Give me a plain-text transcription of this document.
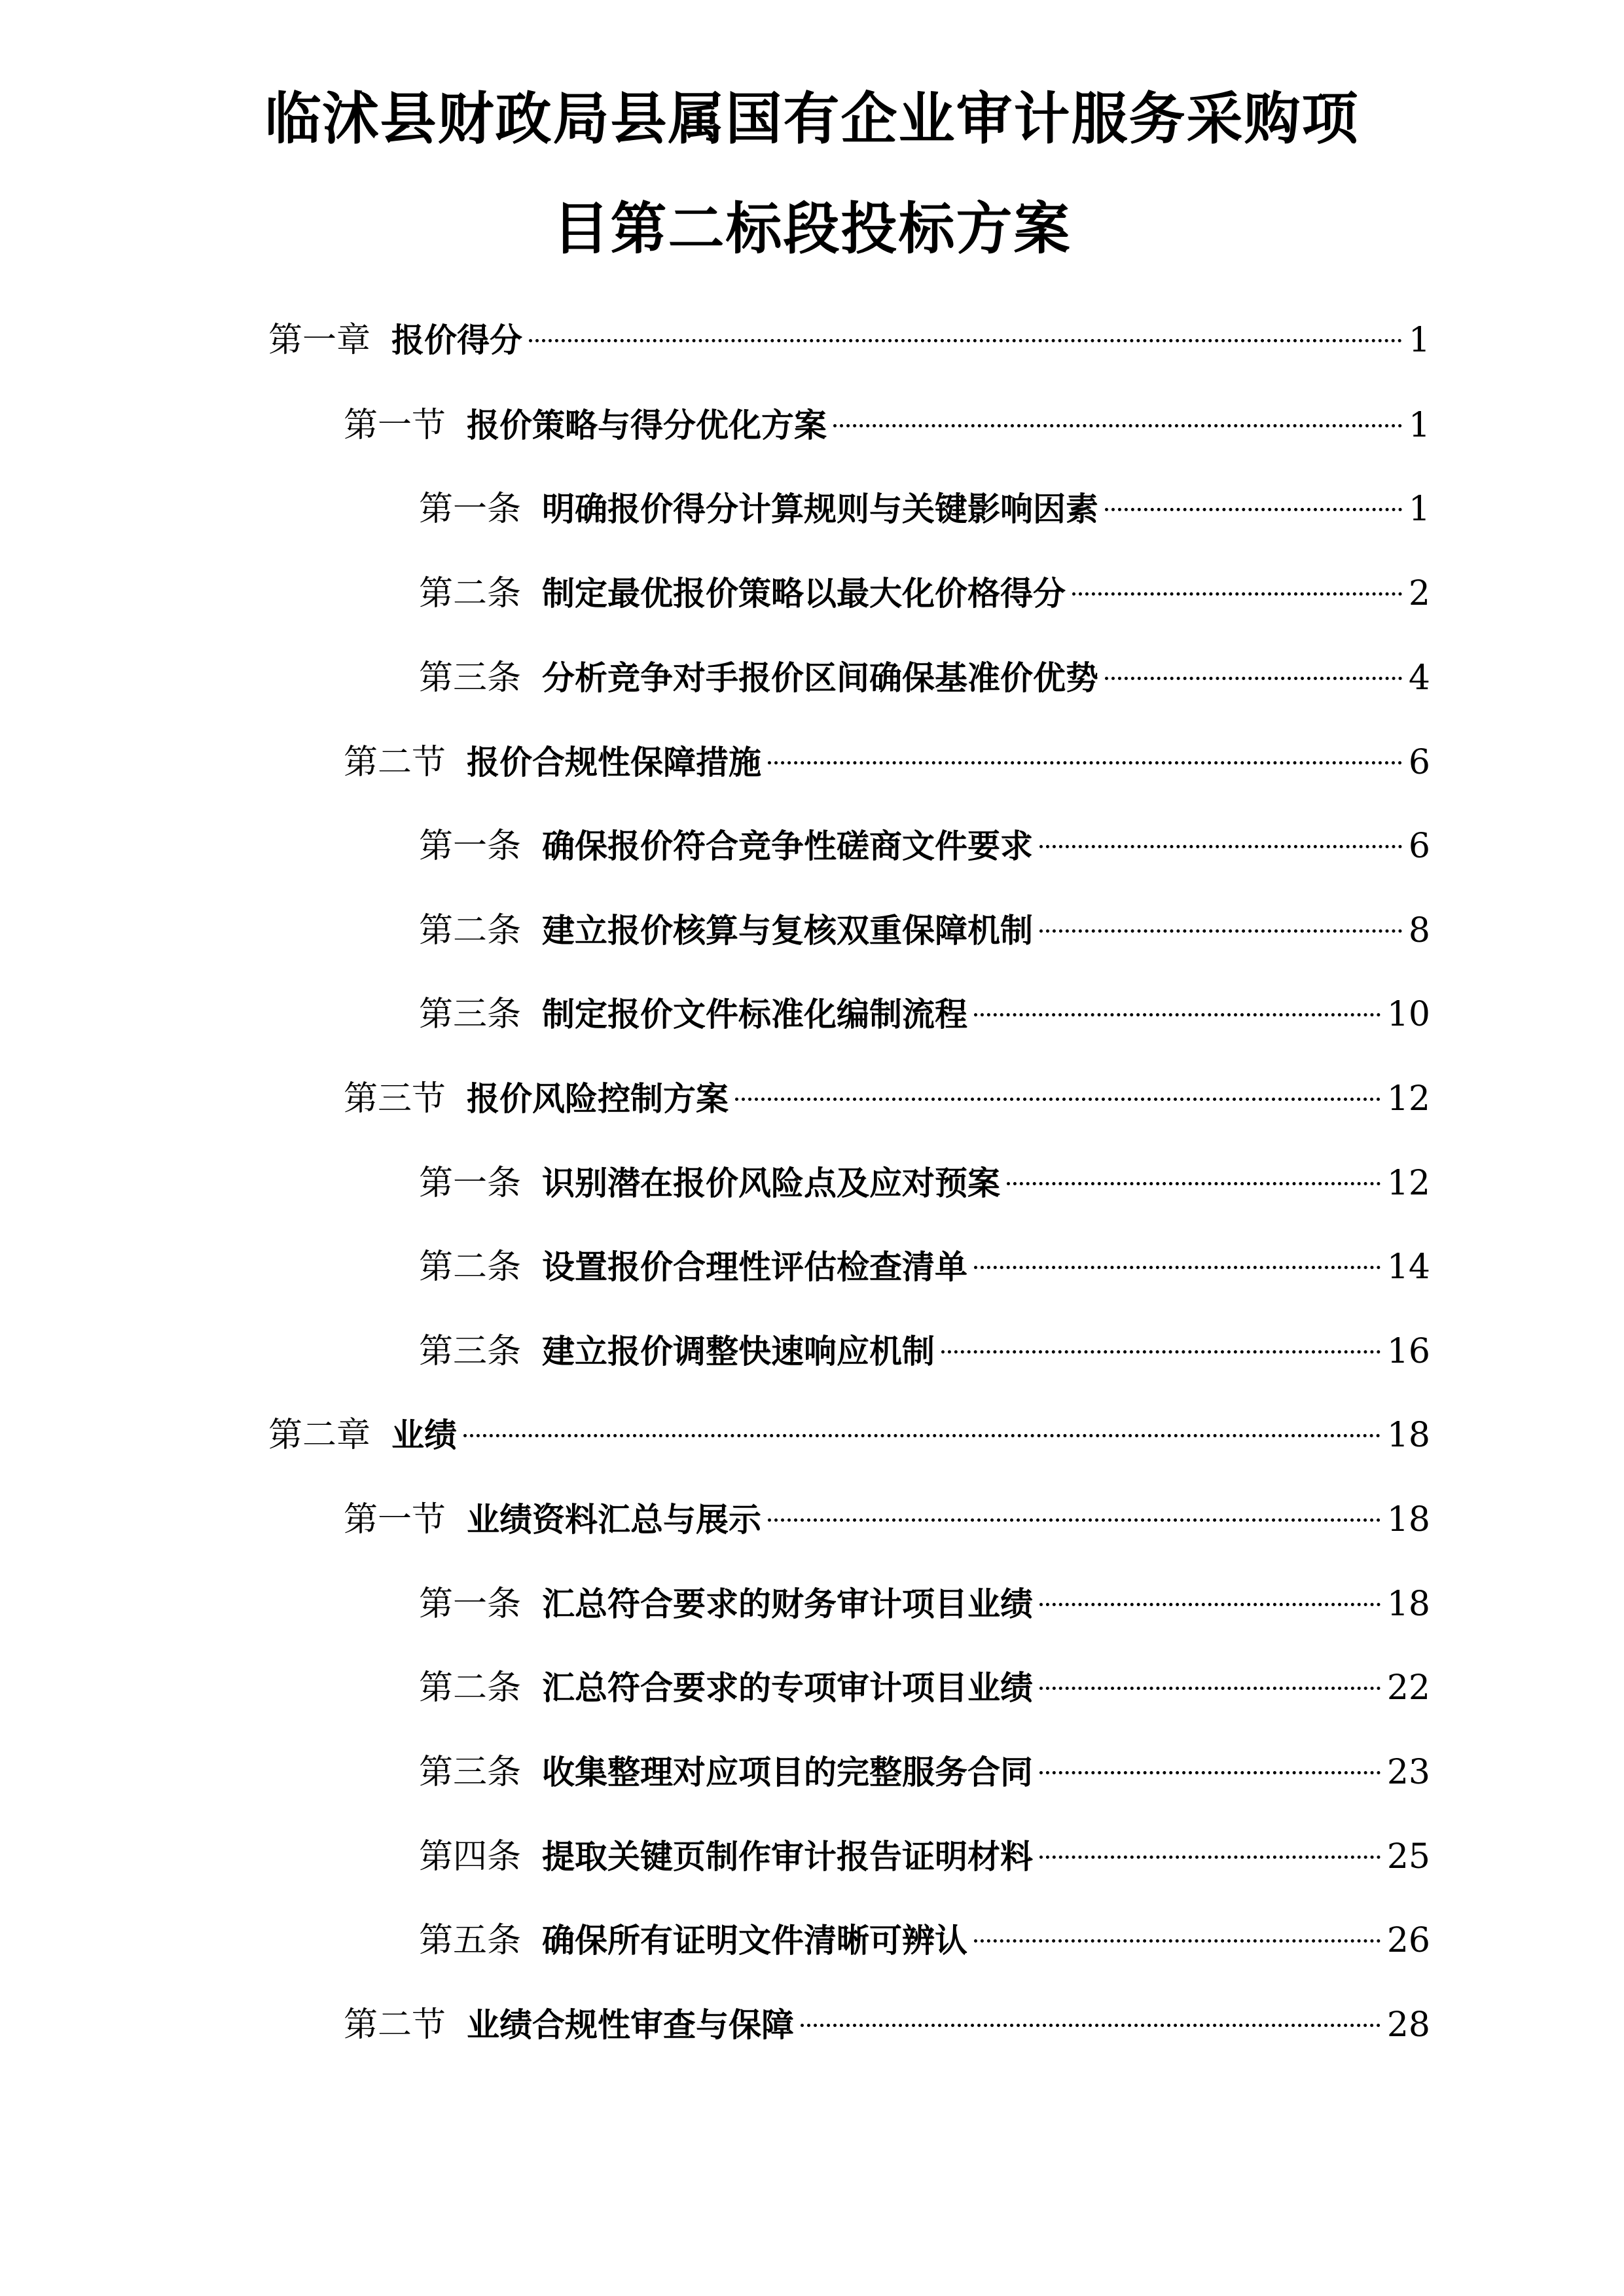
临沭县财政局县属国有企业审计服务采购项
目第二标段投标方案
第一章 报价得分	1
第一节 报价策略与得分优化方案	1
第一条 明确报价得分计算规则与关键影响因素	1
第二条 制定最优报价策略以最大化价格得分	2
第三条 分析竞争对手报价区间确保基准价优势	4
第二节 报价合规性保障措施	6
第一条 确保报价符合竞争性磋商文件要求	6
第二条 建立报价核算与复核双重保障机制	8
第三条 制定报价文件标准化编制流程	10
第三节 报价风险控制方案	12
第一条 识别潜在报价风险点及应对预案	12
第二条 设置报价合理性评估检查清单	14
第三条 建立报价调整快速响应机制	16
第二章 业绩	18
第一节 业绩资料汇总与展示	18
第一条 汇总符合要求的财务审计项目业绩	18
第二条 汇总符合要求的专项审计项目业绩	22
第三条 收集整理对应项目的完整服务合同	23
第四条 提取关键页制作审计报告证明材料	25
第五条 确保所有证明文件清晰可辨认	26
第二节 业绩合规性审查与保障	28
